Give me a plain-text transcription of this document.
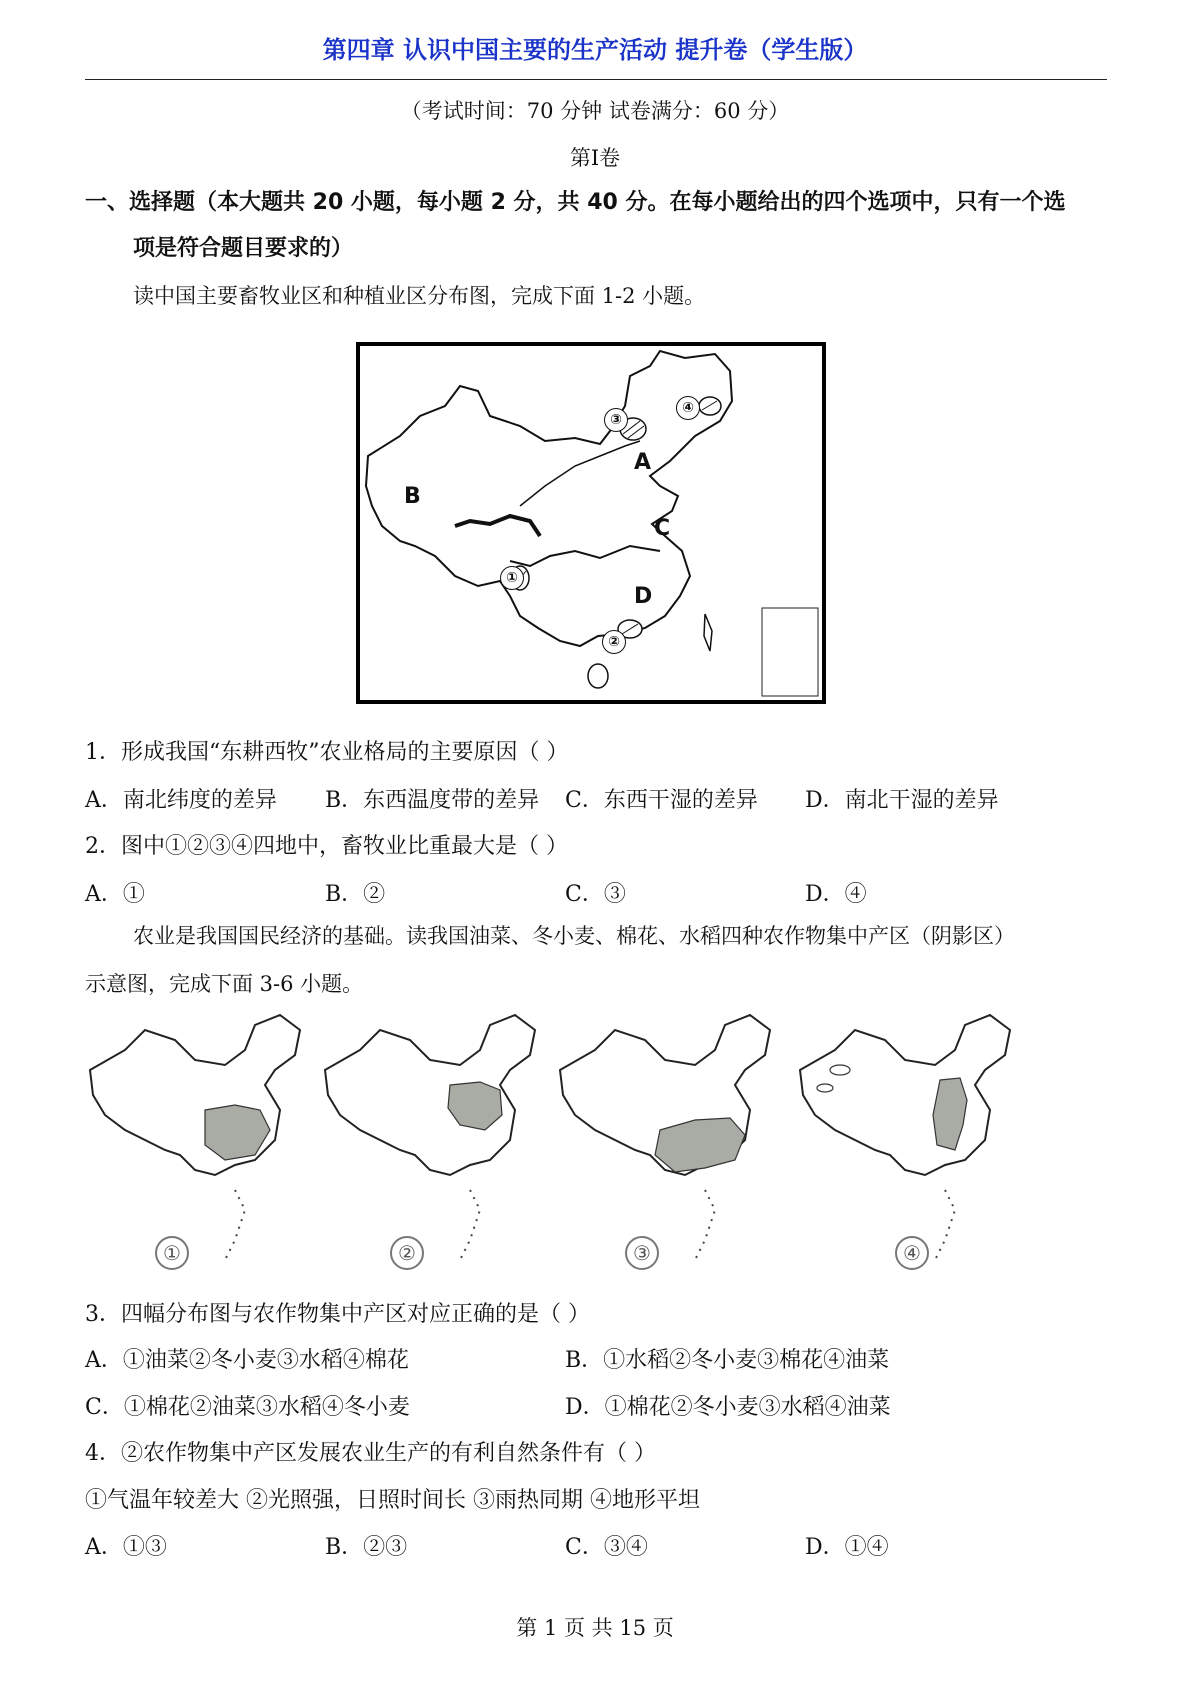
第四章 认识中国主要的生产活动 提升卷（学生版）
（考试时间：70 分钟 试卷满分：60 分）
第Ⅰ卷
一、选择题（本大题共 20 小题，每小题 2 分，共 40 分。在每小题给出的四个选项中，只有一个选
项是符合题目要求的）
读中国主要畜牧业区和种植业区分布图，完成下面 1-2 小题。
A
B
C
D
③
④
①
②
1．形成我国“东耕西牧”农业格局的主要原因（ ）
A．南北纬度的差异 B．东西温度带的差异 C．东西干湿的差异 D．南北干湿的差异
2．图中①②③④四地中，畜牧业比重最大是（ ）
A．①	B．②	C．③	D．④
农业是我国国民经济的基础。读我国油菜、冬小麦、棉花、水稻四种农作物集中产区（阴影区）
示意图，完成下面 3-6 小题。
①	②	③	④
3．四幅分布图与农作物集中产区对应正确的是（ ）
A．①油菜②冬小麦③水稻④棉花	B．①水稻②冬小麦③棉花④油菜
C．①棉花②油菜③水稻④冬小麦	D．①棉花②冬小麦③水稻④油菜
4．②农作物集中产区发展农业生产的有利自然条件有（ ）
①气温年较差大 ②光照强，日照时间长 ③雨热同期 ④地形平坦
A．①③	B．②③	C．③④	D．①④
第 1 页 共 15 页
